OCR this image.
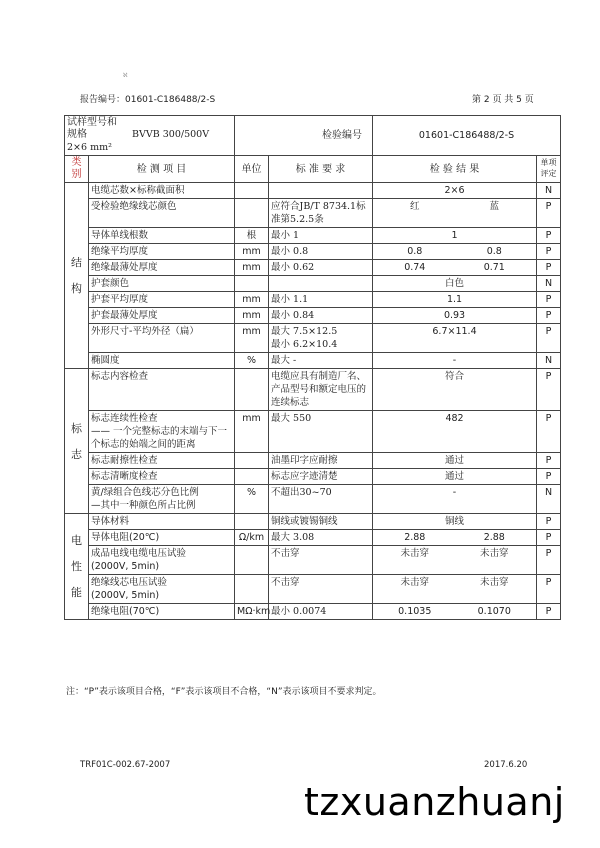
ℵ
报告编号：01601-C186488/2-S	第 2 页 共 5 页
试样型号和规格 BVVB 300/500V 2×6 mm²		检验编号		01601-C186488/2-S	
类别	检 测 项 目	单位	标 准 要 求	检 验 结 果	单项评定
结

构	电缆芯数×标称截面积			2×6	N
	受检验绝缘线芯颜色		应符合JB/T 8734.1标准第5.2.5条	红 蓝	P
	导体单线根数	根	最小 1	1	P
	绝缘平均厚度	mm	最小 0.8	0.8 0.8	P
	绝缘最薄处厚度	mm	最小 0.62	0.74 0.71	P
	护套颜色			白色	N
	护套平均厚度	mm	最小 1.1	1.1	P
	护套最薄处厚度	mm	最小 0.84	0.93	P
	外形尺寸-平均外径（扁）	mm	最大 7.5×12.5
最小 6.2×10.4	6.7×11.4	P
	椭圆度	%	最大 -	-	N
标

志	标志内容检查		电缆应具有制造厂名、产品型号和额定电压的连续标志	符合	P
	标志连续性检查
—— 一个完整标志的末端与下一个标志的始端之间的距离	mm	最大 550	482	P
	标志耐擦性检查		油墨印字应耐擦	通过	P
	标志清晰度检查		标志应字迹清楚	通过	P
	黄/绿组合色线芯分色比例
—其中一种颜色所占比例	%	不超出30~70	-	N
电

性

能	导体材料		铜线或镀锡铜线	铜线	P
	导体电阻(20℃)	Ω/km	最大 3.08	2.88 2.88	P
	成品电线电缆电压试验
(2000V, 5min)		不击穿	未击穿 未击穿	P
	绝缘线芯电压试验
(2000V, 5min)		不击穿	未击穿 未击穿	P
	绝缘电阻(70℃)	MΩ·km	最小 0.0074	0.1035 0.1070	P
注：“P”表示该项目合格，“F”表示该项目不合格，“N”表示该项目不要求判定。
TRF01C-002.67-2007	2017.6.20
tzxuanzhuanj
